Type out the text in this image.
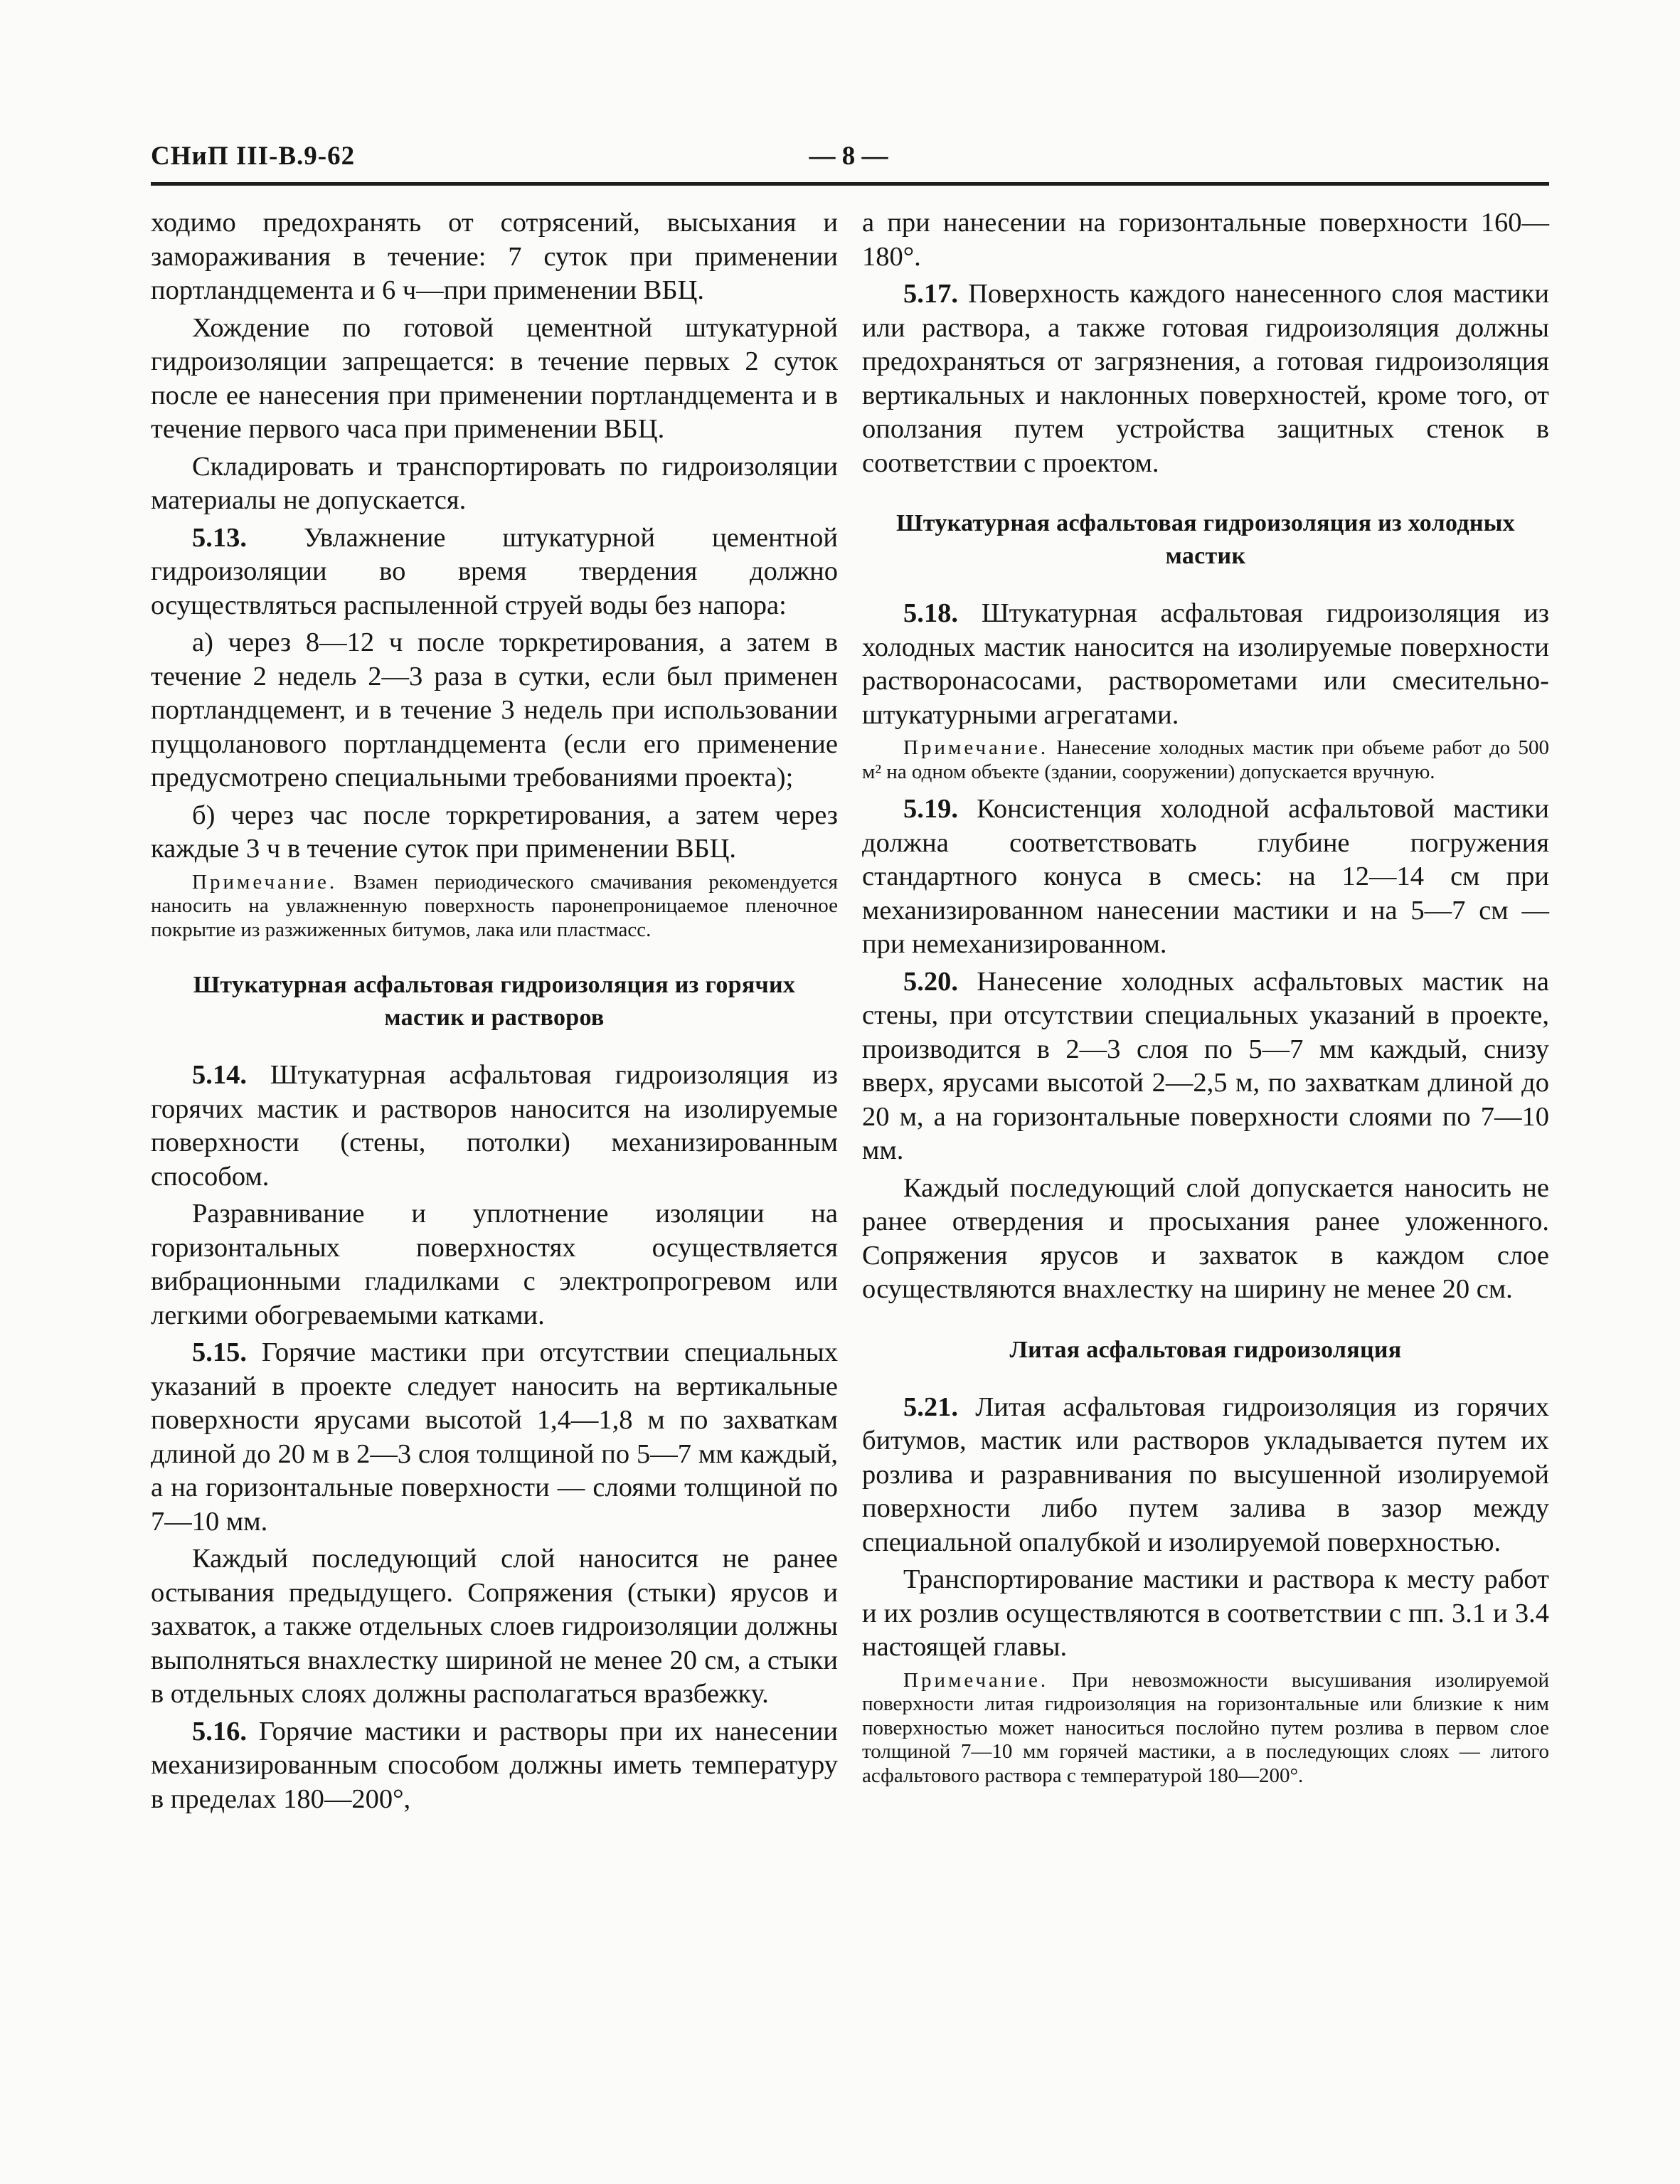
СНиП III-В.9-62	— 8 —

ходимо предохранять от сотрясений, высыхания и замораживания в течение: 7 суток при применении портландцемента и 6 ч—при применении ВБЦ.

Хождение по готовой цементной штукатурной гидроизоляции запрещается: в течение первых 2 суток после ее нанесения при применении портландцемента и в течение первого часа при применении ВБЦ.

Складировать и транспортировать по гидроизоляции материалы не допускается.

5.13. Увлажнение штукатурной цементной гидроизоляции во время твердения должно осуществляться распыленной струей воды без напора:

а) через 8—12 ч после торкретирования, а затем в течение 2 недель 2—3 раза в сутки, если был применен портландцемент, и в течение 3 недель при использовании пуццоланового портландцемента (если его применение предусмотрено специальными требованиями проекта);

б) через час после торкретирования, а затем через каждые 3 ч в течение суток при применении ВБЦ.

Примечание. Взамен периодического смачивания рекомендуется наносить на увлажненную поверхность паронепроницаемое пленочное покрытие из разжиженных битумов, лака или пластмасс.

Штукатурная асфальтовая гидроизоляция из горячих мастик и растворов

5.14. Штукатурная асфальтовая гидроизоляция из горячих мастик и растворов наносится на изолируемые поверхности (стены, потолки) механизированным способом.

Разравнивание и уплотнение изоляции на горизонтальных поверхностях осуществляется вибрационными гладилками с электропрогревом или легкими обогреваемыми катками.

5.15. Горячие мастики при отсутствии специальных указаний в проекте следует наносить на вертикальные поверхности ярусами высотой 1,4—1,8 м по захваткам длиной до 20 м в 2—3 слоя толщиной по 5—7 мм каждый, а на горизонтальные поверхности — слоями толщиной по 7—10 мм.

Каждый последующий слой наносится не ранее остывания предыдущего. Сопряжения (стыки) ярусов и захваток, а также отдельных слоев гидроизоляции должны выполняться внахлестку шириной не менее 20 см, а стыки в отдельных слоях должны располагаться вразбежку.

5.16. Горячие мастики и растворы при их нанесении механизированным способом должны иметь температуру в пределах 180—200°,

а при нанесении на горизонтальные поверхности 160—180°.

5.17. Поверхность каждого нанесенного слоя мастики или раствора, а также готовая гидроизоляция должны предохраняться от загрязнения, а готовая гидроизоляция вертикальных и наклонных поверхностей, кроме того, от оползания путем устройства защитных стенок в соответствии с проектом.

Штукатурная асфальтовая гидроизоляция из холодных мастик

5.18. Штукатурная асфальтовая гидроизоляция из холодных мастик наносится на изолируемые поверхности растворонасосами, растворометами или смесительно-штукатурными агрегатами.

Примечание. Нанесение холодных мастик при объеме работ до 500 м² на одном объекте (здании, сооружении) допускается вручную.

5.19. Консистенция холодной асфальтовой мастики должна соответствовать глубине погружения стандартного конуса в смесь: на 12—14 см при механизированном нанесении мастики и на 5—7 см — при немеханизированном.

5.20. Нанесение холодных асфальтовых мастик на стены, при отсутствии специальных указаний в проекте, производится в 2—3 слоя по 5—7 мм каждый, снизу вверх, ярусами высотой 2—2,5 м, по захваткам длиной до 20 м, а на горизонтальные поверхности слоями по 7—10 мм.

Каждый последующий слой допускается наносить не ранее отвердения и просыхания ранее уложенного. Сопряжения ярусов и захваток в каждом слое осуществляются внахлестку на ширину не менее 20 см.

Литая асфальтовая гидроизоляция

5.21. Литая асфальтовая гидроизоляция из горячих битумов, мастик или растворов укладывается путем их розлива и разравнивания по высушенной изолируемой поверхности либо путем залива в зазор между специальной опалубкой и изолируемой поверхностью.

Транспортирование мастики и раствора к месту работ и их розлив осуществляются в соответствии с пп. 3.1 и 3.4 настоящей главы.

Примечание. При невозможности высушивания изолируемой поверхности литая гидроизоляция на горизонтальные или близкие к ним поверхностью может наноситься послойно путем розлива в первом слое толщиной 7—10 мм горячей мастики, а в последующих слоях — литого асфальтового раствора с температурой 180—200°.
